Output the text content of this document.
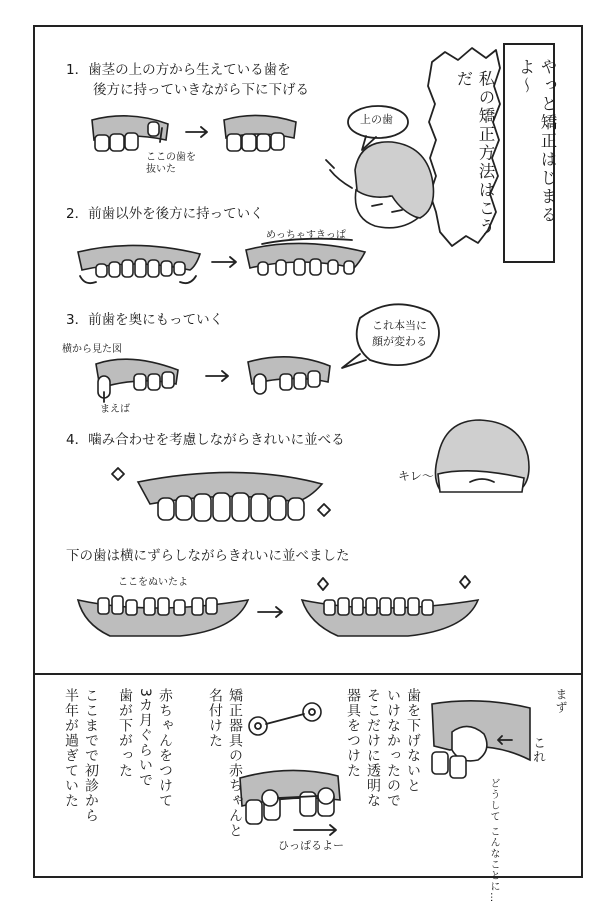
やっと矯正はじまるよ〜
私の矯正方法はこうだ
1．歯茎の上の方から生えている歯を
　　後方に持っていきながら下に下げる
ここの歯を
抜いた
上の歯
2．前歯以外を後方に持っていく
めっちゃすきっぱ
3．前歯を奥にもっていく
横から見た図
まえば
これ本当に
顔が変わる
4．噛み合わせを考慮しながらきれいに並べる
キレ〜
下の歯は横にずらしながらきれいに並べました
ここをぬいたよ
まず
これ
どうして こんなことに…
歯を下げないと
いけなかったので
そこだけに透明な
器具をつけた
矯正器具の赤ちゃんと
名付けた
赤ちゃんをつけて
3カ月ぐらいで
歯が下がった
ここまでで初診から
半年が過ぎていた
ひっぱるよー
